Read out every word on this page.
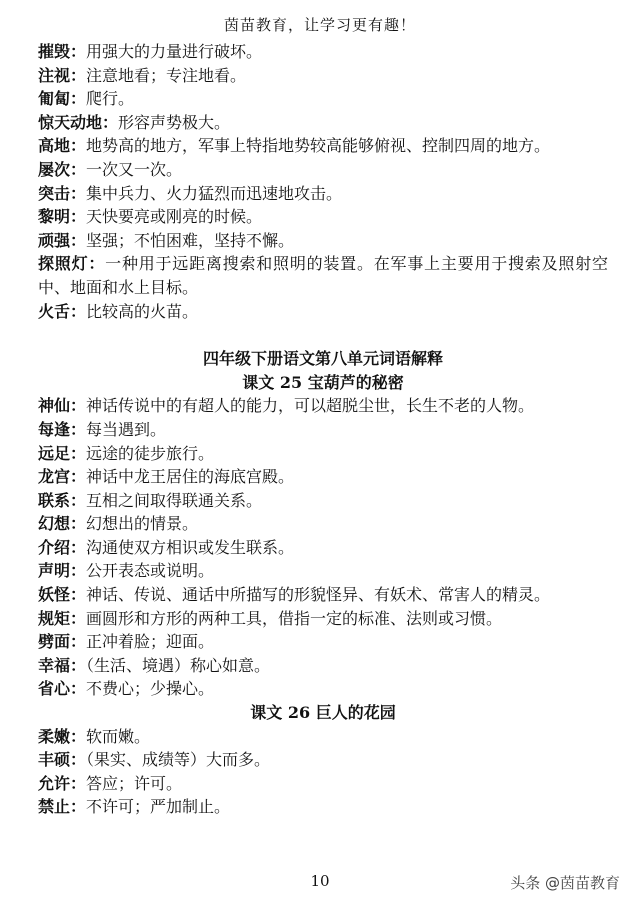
茵苗教育，让学习更有趣！

摧毁：用强大的力量进行破坏。

注视：注意地看；专注地看。

匍匐：爬行。

惊天动地：形容声势极大。

高地：地势高的地方，军事上特指地势较高能够俯视、控制四周的地方。

屡次：一次又一次。

突击：集中兵力、火力猛烈而迅速地攻击。

黎明：天快要亮或刚亮的时候。

顽强：坚强；不怕困难，坚持不懈。

探照灯：一种用于远距离搜索和照明的装置。在军事上主要用于搜索及照射空中、地面和水上目标。

火舌：比较高的火苗。

四年级下册语文第八单元词语解释

课文 25 宝葫芦的秘密

神仙：神话传说中的有超人的能力，可以超脱尘世，长生不老的人物。

每逢：每当遇到。

远足：远途的徒步旅行。

龙宫：神话中龙王居住的海底宫殿。

联系：互相之间取得联通关系。

幻想：幻想出的情景。

介绍：沟通使双方相识或发生联系。

声明：公开表态或说明。

妖怪：神话、传说、通话中所描写的形貌怪异、有妖术、常害人的精灵。

规矩：画圆形和方形的两种工具，借指一定的标准、法则或习惯。

劈面：正冲着脸；迎面。

幸福：（生活、境遇）称心如意。

省心：不费心；少操心。

课文 26 巨人的花园

柔嫩：软而嫩。

丰硕：（果实、成绩等）大而多。

允许：答应；许可。

禁止：不许可；严加制止。

10	头条 @茵苗教育
